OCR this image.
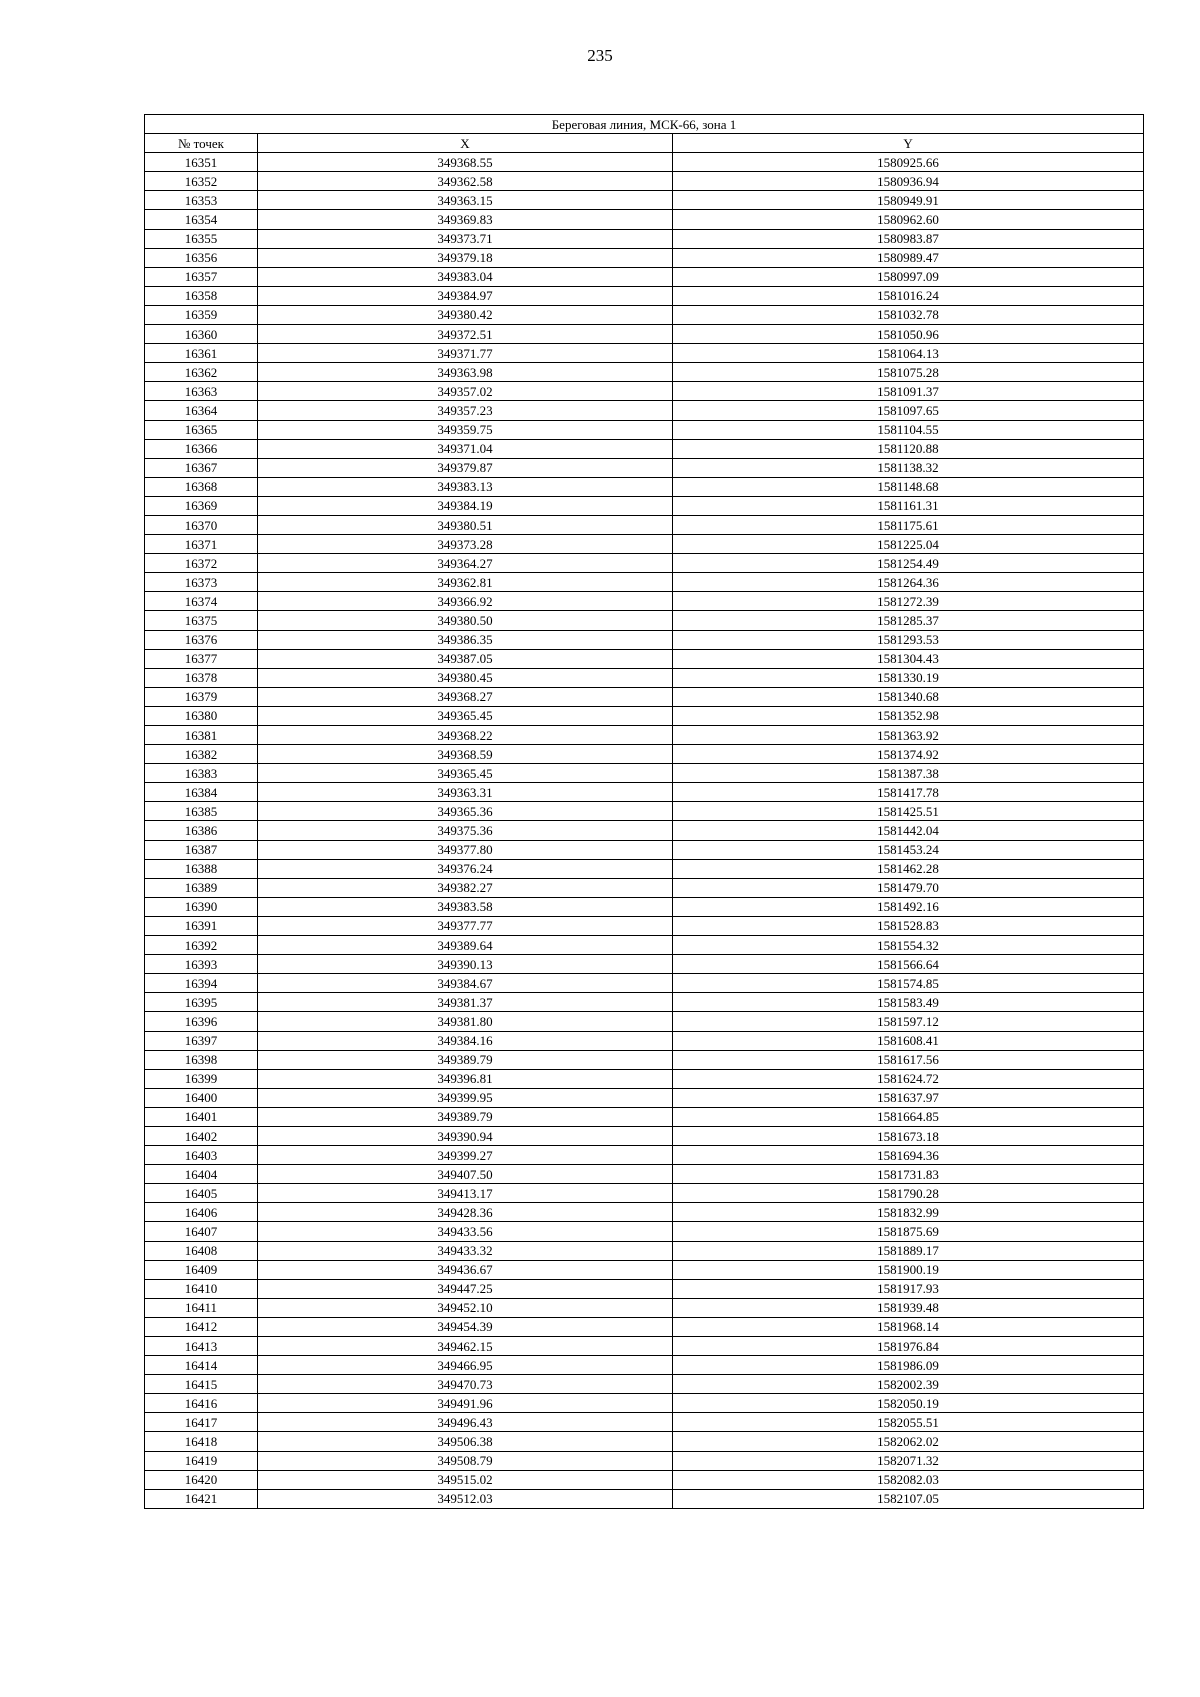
235
Береговая линия, МСК-66, зона 1		
№ точек	X	Y
16351	349368.55	1580925.66
16352	349362.58	1580936.94
16353	349363.15	1580949.91
16354	349369.83	1580962.60
16355	349373.71	1580983.87
16356	349379.18	1580989.47
16357	349383.04	1580997.09
16358	349384.97	1581016.24
16359	349380.42	1581032.78
16360	349372.51	1581050.96
16361	349371.77	1581064.13
16362	349363.98	1581075.28
16363	349357.02	1581091.37
16364	349357.23	1581097.65
16365	349359.75	1581104.55
16366	349371.04	1581120.88
16367	349379.87	1581138.32
16368	349383.13	1581148.68
16369	349384.19	1581161.31
16370	349380.51	1581175.61
16371	349373.28	1581225.04
16372	349364.27	1581254.49
16373	349362.81	1581264.36
16374	349366.92	1581272.39
16375	349380.50	1581285.37
16376	349386.35	1581293.53
16377	349387.05	1581304.43
16378	349380.45	1581330.19
16379	349368.27	1581340.68
16380	349365.45	1581352.98
16381	349368.22	1581363.92
16382	349368.59	1581374.92
16383	349365.45	1581387.38
16384	349363.31	1581417.78
16385	349365.36	1581425.51
16386	349375.36	1581442.04
16387	349377.80	1581453.24
16388	349376.24	1581462.28
16389	349382.27	1581479.70
16390	349383.58	1581492.16
16391	349377.77	1581528.83
16392	349389.64	1581554.32
16393	349390.13	1581566.64
16394	349384.67	1581574.85
16395	349381.37	1581583.49
16396	349381.80	1581597.12
16397	349384.16	1581608.41
16398	349389.79	1581617.56
16399	349396.81	1581624.72
16400	349399.95	1581637.97
16401	349389.79	1581664.85
16402	349390.94	1581673.18
16403	349399.27	1581694.36
16404	349407.50	1581731.83
16405	349413.17	1581790.28
16406	349428.36	1581832.99
16407	349433.56	1581875.69
16408	349433.32	1581889.17
16409	349436.67	1581900.19
16410	349447.25	1581917.93
16411	349452.10	1581939.48
16412	349454.39	1581968.14
16413	349462.15	1581976.84
16414	349466.95	1581986.09
16415	349470.73	1582002.39
16416	349491.96	1582050.19
16417	349496.43	1582055.51
16418	349506.38	1582062.02
16419	349508.79	1582071.32
16420	349515.02	1582082.03
16421	349512.03	1582107.05
